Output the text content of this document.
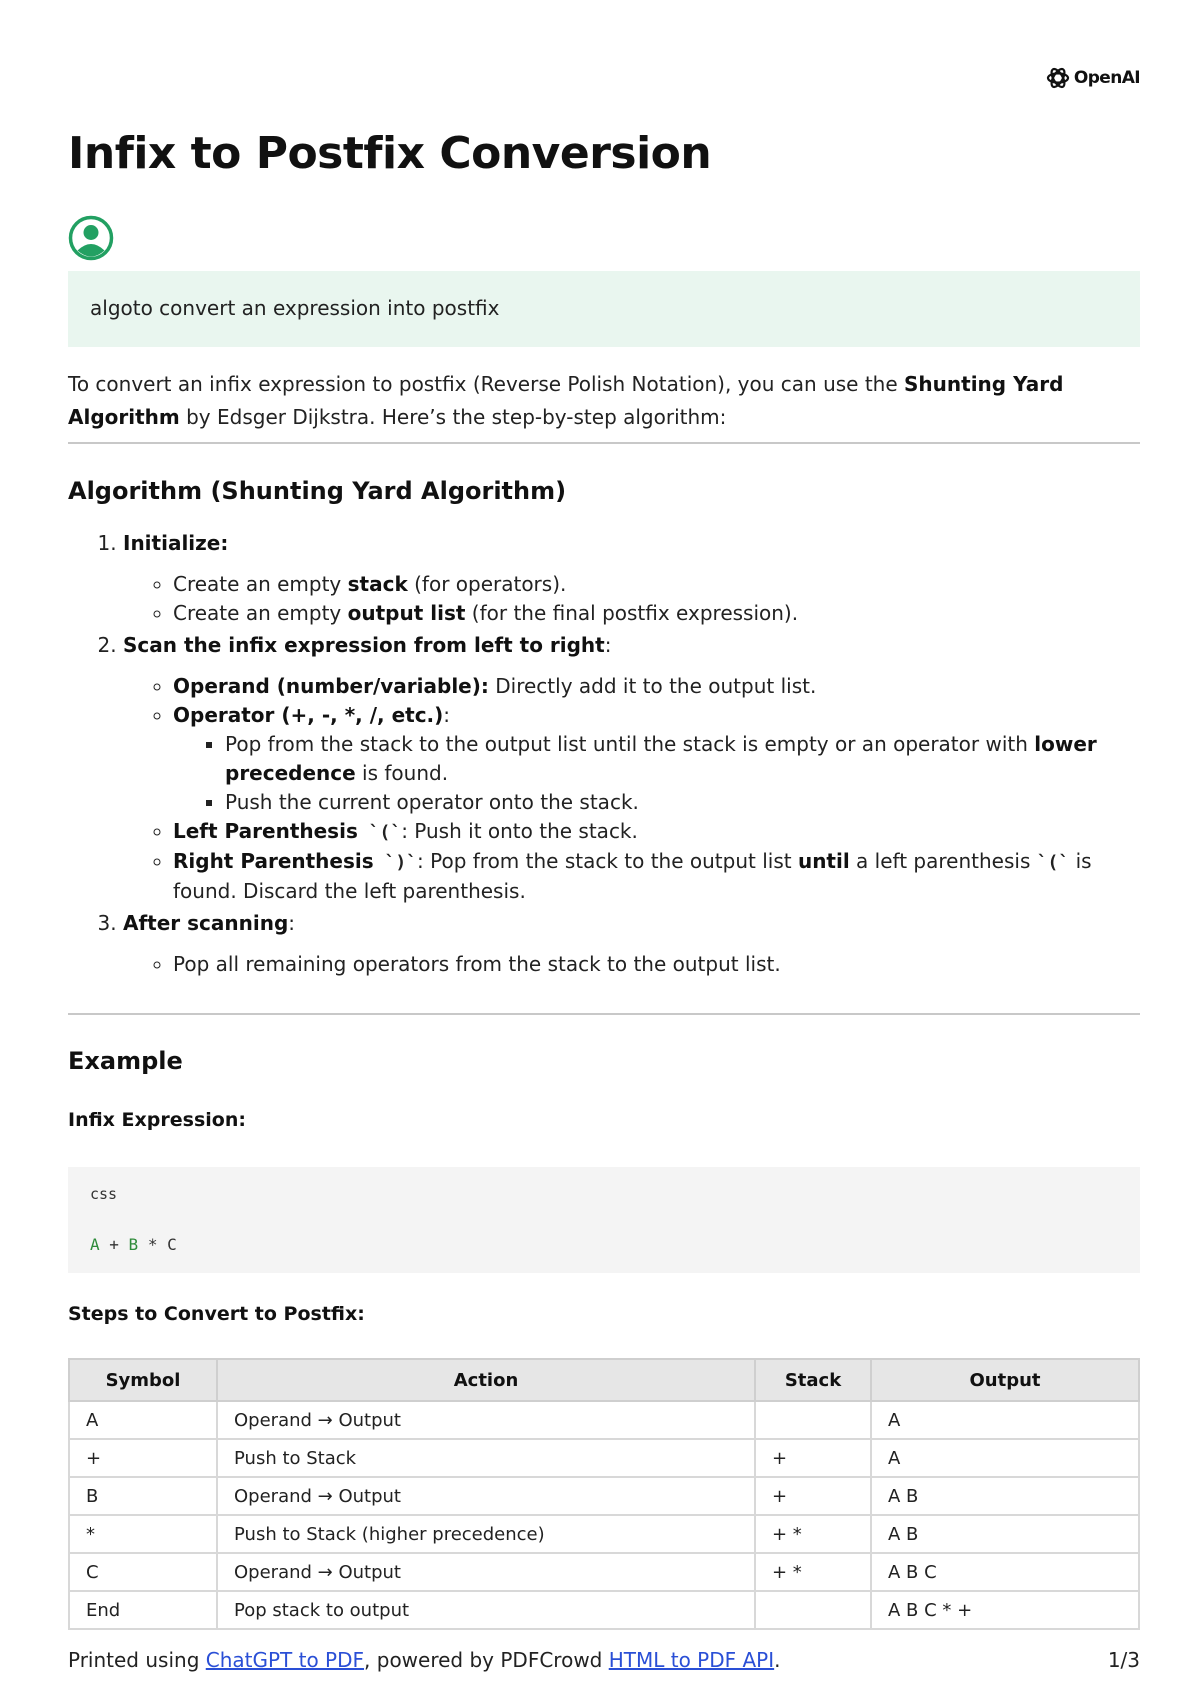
OpenAI
Infix to Postfix Conversion
algoto convert an expression into postfix

To convert an infix expression to postfix (Reverse Polish Notation), you can use the Shunting Yard Algorithm by Edsger Dijkstra. Here’s the step-by-step algorithm:

Algorithm (Shunting Yard Algorithm)
1. Initialize:
◦ Create an empty stack (for operators).
◦ Create an empty output list (for the final postfix expression).
2. Scan the infix expression from left to right:
◦ Operand (number/variable): Directly add it to the output list.
◦ Operator (+, -, *, /, etc.):
▪ Pop from the stack to the output list until the stack is empty or an operator with lower precedence is found.
▪ Push the current operator onto the stack.
◦ Left Parenthesis `(`: Push it onto the stack.
◦ Right Parenthesis `)`: Pop from the stack to the output list until a left parenthesis `(` is found. Discard the left parenthesis.
3. After scanning:
◦ Pop all remaining operators from the stack to the output list.
Example

Infix Expression:

css
A + B * C

Steps to Convert to Postfix:

Symbol	Action	Stack	Output
A	Operand → Output		A
+	Push to Stack	+	A
B	Operand → Output	+	A B
*	Push to Stack (higher precedence)	+ *	A B
C	Operand → Output	+ *	A B C
End	Pop stack to output		A B C * +
Printed using ChatGPT to PDF, powered by PDFCrowd HTML to PDF API.	1/3
